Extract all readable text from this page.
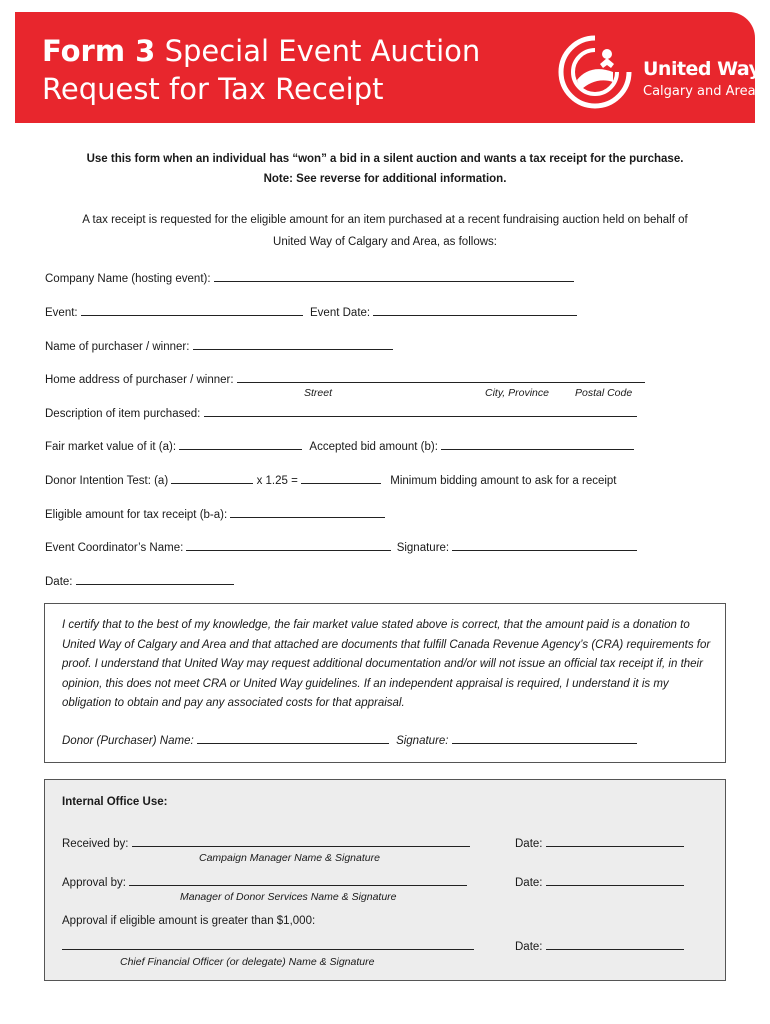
Form 3 Special Event Auction
Request for Tax Receipt
United Way
Calgary and Area
Use this form when an individual has “won” a bid in a silent auction and wants a tax receipt for the purchase.
Note: See reverse for additional information.
A tax receipt is requested for the eligible amount for an item purchased at a recent fundraising auction held on behalf of
United Way of Calgary and Area, as follows:
Company Name (hosting event):
Event:	Event Date:
Name of purchaser / winner:
Home address of purchaser / winner:
Street	City, Province Postal Code
Description of item purchased:
Fair market value of it (a):	Accepted bid amount (b):
Donor Intention Test: (a)	x 1.25 =	Minimum bidding amount to ask for a receipt
Eligible amount for tax receipt (b-a):
Event Coordinator’s Name:	Signature:
Date:
I certify that to the best of my knowledge, the fair market value stated above is correct, that the amount paid is a donation to United Way of Calgary and Area and that attached are documents that fulfill Canada Revenue Agency’s (CRA) requirements for proof. I understand that United Way may request additional documentation and/or will not issue an official tax receipt if, in their opinion, this does not meet CRA or United Way guidelines. If an independent appraisal is required, I understand it is my obligation to obtain and pay any associated costs for that appraisal.
Donor (Purchaser) Name:	Signature:
Internal Office Use:
Received by:	Date:
Campaign Manager Name & Signature
Approval by:	Date:
Manager of Donor Services Name & Signature
Approval if eligible amount is greater than $1,000:
Date:
Chief Financial Officer (or delegate) Name & Signature
